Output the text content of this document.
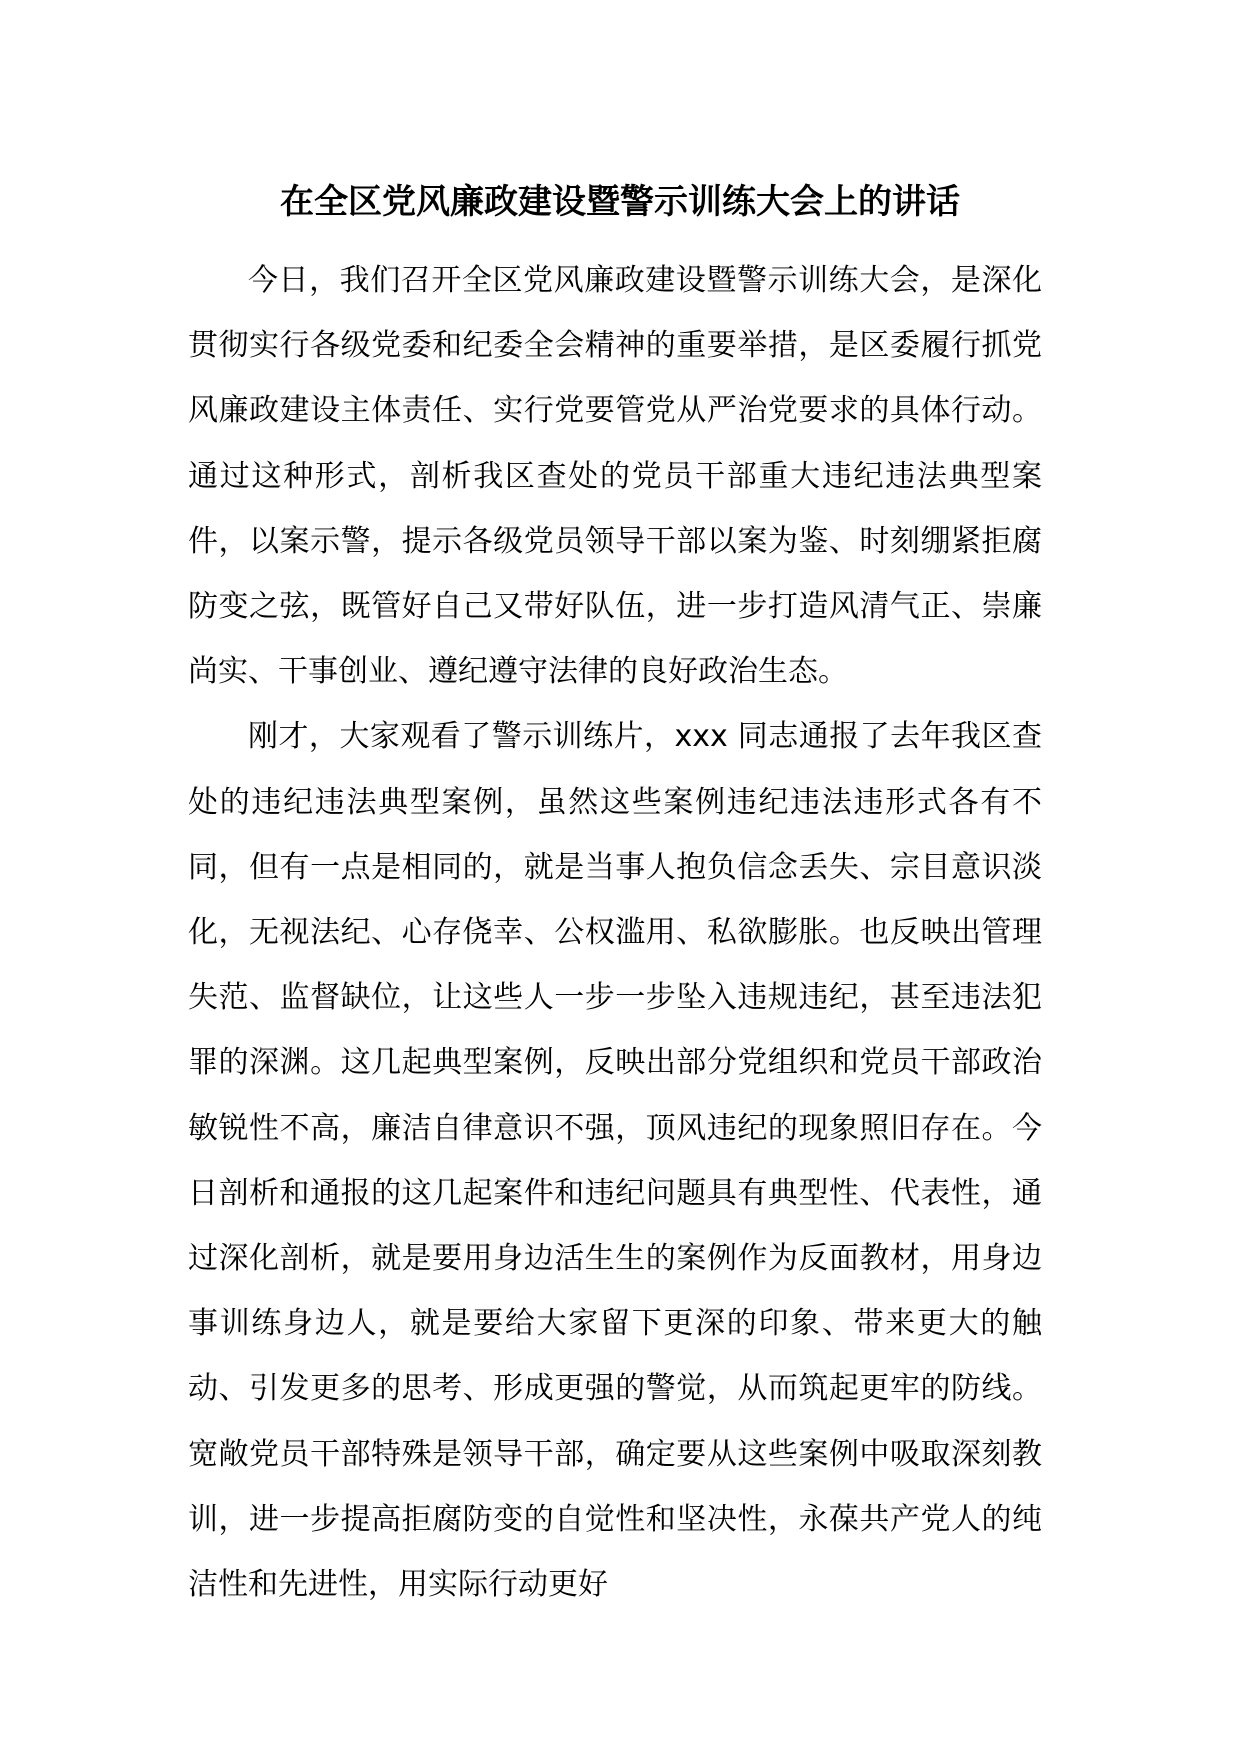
在全区党风廉政建设暨警示训练大会上的讲话

今日，我们召开全区党风廉政建设暨警示训练大会，是深化贯彻实行各级党委和纪委全会精神的重要举措，是区委履行抓党风廉政建设主体责任、实行党要管党从严治党要求的具体行动。通过这种形式，剖析我区查处的党员干部重大违纪违法典型案件，以案示警，提示各级党员领导干部以案为鉴、时刻绷紧拒腐防变之弦，既管好自己又带好队伍，进一步打造风清气正、崇廉尚实、干事创业、遵纪遵守法律的良好政治生态。

刚才，大家观看了警示训练片，xxx 同志通报了去年我区查处的违纪违法典型案例，虽然这些案例违纪违法违形式各有不同，但有一点是相同的，就是当事人抱负信念丢失、宗目意识淡化，无视法纪、心存侥幸、公权滥用、私欲膨胀。也反映出管理失范、监督缺位，让这些人一步一步坠入违规违纪，甚至违法犯罪的深渊。这几起典型案例，反映出部分党组织和党员干部政治敏锐性不高，廉洁自律意识不强，顶风违纪的现象照旧存在。今日剖析和通报的这几起案件和违纪问题具有典型性、代表性，通过深化剖析，就是要用身边活生生的案例作为反面教材，用身边事训练身边人，就是要给大家留下更深的印象、带来更大的触动、引发更多的思考、形成更强的警觉，从而筑起更牢的防线。宽敞党员干部特殊是领导干部，确定要从这些案例中吸取深刻教训，进一步提高拒腐防变的自觉性和坚决性，永葆共产党人的纯洁性和先进性，用实际行动更好
